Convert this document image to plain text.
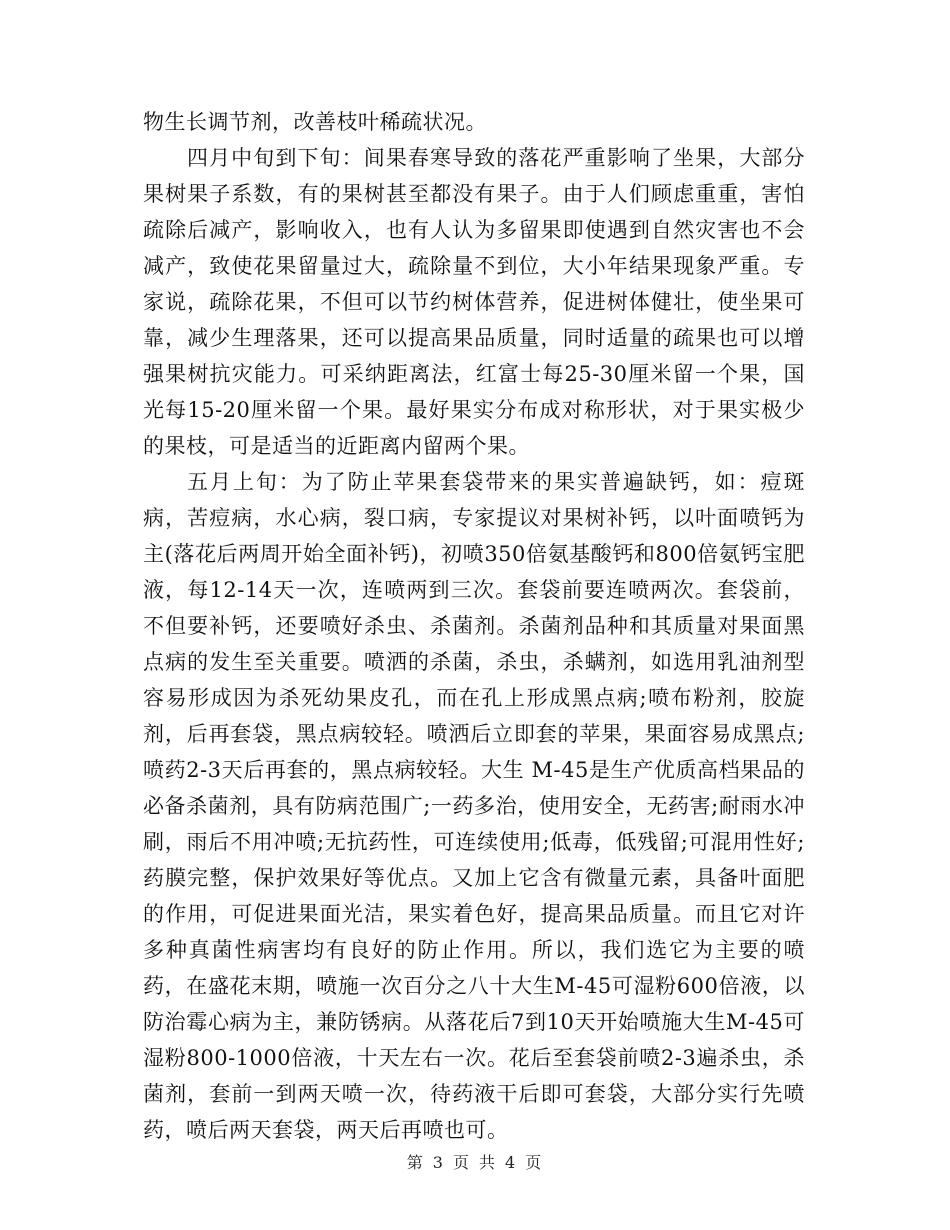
物生长调节剂，改善枝叶稀疏状况。

四月中旬到下旬：间果春寒导致的落花严重影响了坐果，大部分果树果子系数，有的果树甚至都没有果子。由于人们顾虑重重，害怕疏除后减产，影响收入，也有人认为多留果即使遇到自然灾害也不会减产，致使花果留量过大，疏除量不到位，大小年结果现象严重。专家说，疏除花果，不但可以节约树体营养，促进树体健壮，使坐果可靠，减少生理落果，还可以提高果品质量，同时适量的疏果也可以增强果树抗灾能力。可采纳距离法，红富士每25-30厘米留一个果，国光每15-20厘米留一个果。最好果实分布成对称形状，对于果实极少的果枝，可是适当的近距离内留两个果。

五月上旬：为了防止苹果套袋带来的果实普遍缺钙，如：痘斑病，苦痘病，水心病，裂口病，专家提议对果树补钙，以叶面喷钙为主(落花后两周开始全面补钙)，初喷350倍氨基酸钙和800倍氨钙宝肥液，每12-14天一次，连喷两到三次。套袋前要连喷两次。套袋前，不但要补钙，还要喷好杀虫、杀菌剂。杀菌剂品种和其质量对果面黑点病的发生至关重要。喷洒的杀菌，杀虫，杀螨剂，如选用乳油剂型容易形成因为杀死幼果皮孔，而在孔上形成黑点病;喷布粉剂，胶旋剂，后再套袋，黑点病较轻。喷洒后立即套的苹果，果面容易成黑点;喷药2-3天后再套的，黑点病较轻。大生 M-45是生产优质高档果品的必备杀菌剂，具有防病范围广;一药多治，使用安全，无药害;耐雨水冲刷，雨后不用冲喷;无抗药性，可连续使用;低毒，低残留;可混用性好;药膜完整，保护效果好等优点。又加上它含有微量元素，具备叶面肥的作用，可促进果面光洁，果实着色好，提高果品质量。而且它对许多种真菌性病害均有良好的防止作用。所以，我们选它为主要的喷药，在盛花末期，喷施一次百分之八十大生M-45可湿粉600倍液，以防治霉心病为主，兼防锈病。从落花后7到10天开始喷施大生M-45可湿粉800-1000倍液，十天左右一次。花后至套袋前喷2-3遍杀虫，杀菌剂，套前一到两天喷一次，待药液干后即可套袋，大部分实行先喷药，喷后两天套袋，两天后再喷也可。

第 3 页 共 4 页
